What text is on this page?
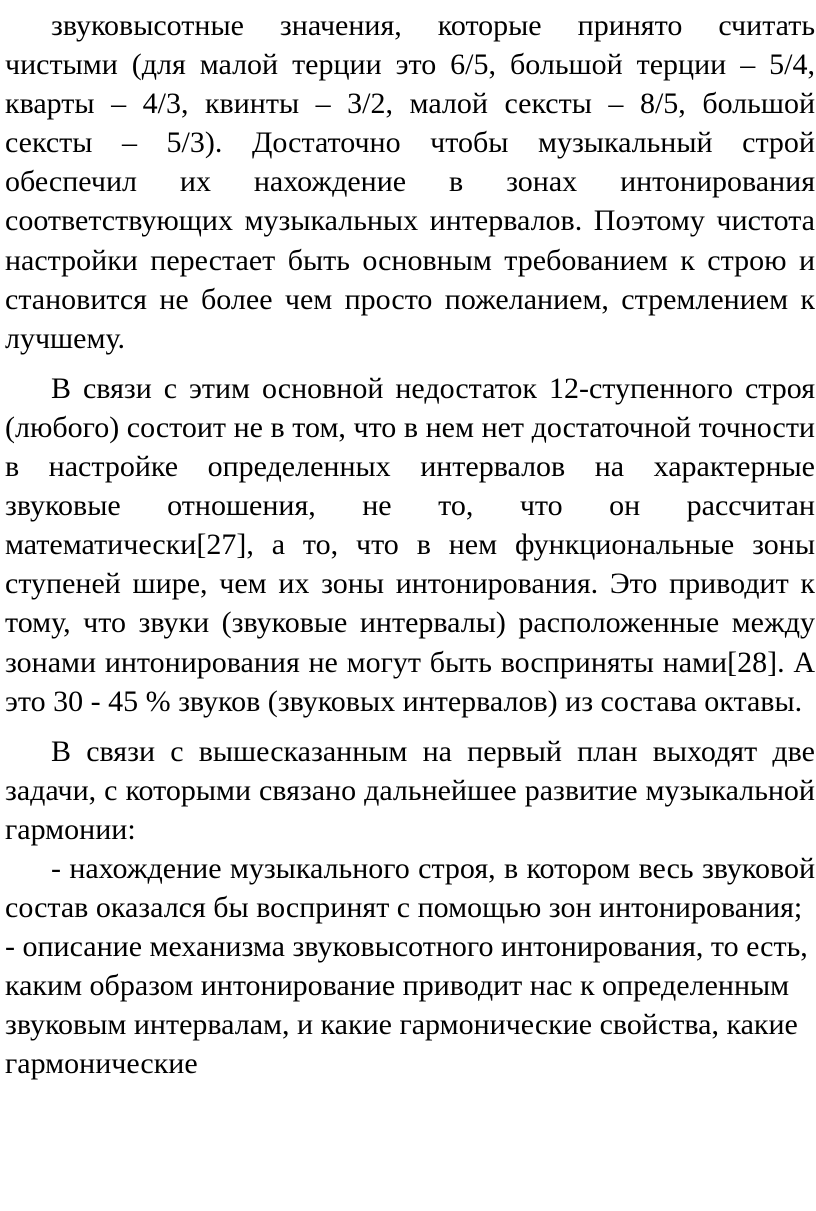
звуковысотные значения, которые принято считать чистыми (для малой терции это 6/5, большой терции – 5/4, кварты – 4/3, квинты – 3/2, малой сексты – 8/5, большой сексты – 5/3). Достаточно чтобы музыкальный строй обеспечил их нахождение в зонах интонирования соответствующих музыкальных интервалов. Поэтому чистота настройки перестает быть основным требованием к строю и становится не более чем просто пожеланием, стремлением к лучшему.

В связи с этим основной недостаток 12-ступенного строя (любого) состоит не в том, что в нем нет достаточной точности в настройке определенных интервалов на характерные звуковые отношения, не то, что он рассчитан математически[27], а то, что в нем функциональные зоны ступеней шире, чем их зоны интонирования. Это приводит к тому, что звуки (звуковые интервалы) расположенные между зонами интонирования не могут быть восприняты нами[28]. А это 30 - 45 % звуков (звуковых интервалов) из состава октавы.

В связи с вышесказанным на первый план выходят две задачи, с которыми связано дальнейшее развитие музыкальной гармонии:

- нахождение музыкального строя, в котором весь звуковой состав оказался бы воспринят с помощью зон интонирования;

- описание механизма звуковысотного интонирования, то есть, каким образом интонирование приводит нас к определенным звуковым интервалам, и какие гармонические свойства, какие гармонические
